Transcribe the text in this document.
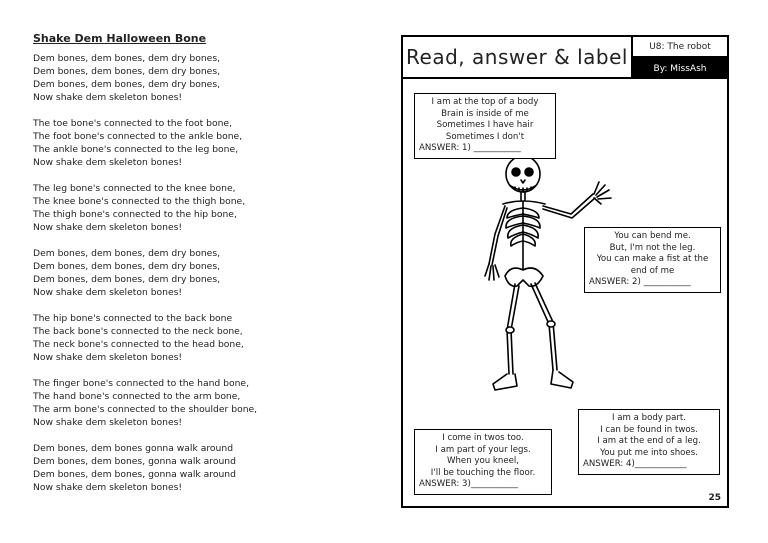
Shake Dem Halloween Bone
Dem bones, dem bones, dem dry bones,
Dem bones, dem bones, dem dry bones,
Dem bones, dem bones, dem dry bones,
Now shake dem skeleton bones!
The toe bone's connected to the foot bone,
The foot bone's connected to the ankle bone,
The ankle bone's connected to the leg bone,
Now shake dem skeleton bones!
The leg bone's connected to the knee bone,
The knee bone's connected to the thigh bone,
The thigh bone's connected to the hip bone,
Now shake dem skeleton bones!
Dem bones, dem bones, dem dry bones,
Dem bones, dem bones, dem dry bones,
Dem bones, dem bones, dem dry bones,
Now shake dem skeleton bones!
The hip bone's connected to the back bone
The back bone's connected to the neck bone,
The neck bone's connected to the head bone,
Now shake dem skeleton bones!
The finger bone's connected to the hand bone,
The hand bone's connected to the arm bone,
The arm bone's connected to the shoulder bone,
Now shake dem skeleton bones!
Dem bones, dem bones gonna walk around
Dem bones, dem bones, gonna walk around
Dem bones, dem bones, gonna walk around
Now shake dem skeleton bones!
Read, answer & label	U8: The robot
By: MissAsh
I am at the top of a body
Brain is inside of me
Sometimes I have hair
Sometimes I don't
ANSWER: 1) ___________
You can bend me.
But, I'm not the leg.
You can make a fist at the
end of me
ANSWER: 2) ___________
I come in twos too.
I am part of your legs.
When you kneel,
I'll be touching the floor.
ANSWER: 3)___________
I am a body part.
I can be found in twos.
I am at the end of a leg.
You put me into shoes.
ANSWER: 4)____________
25
